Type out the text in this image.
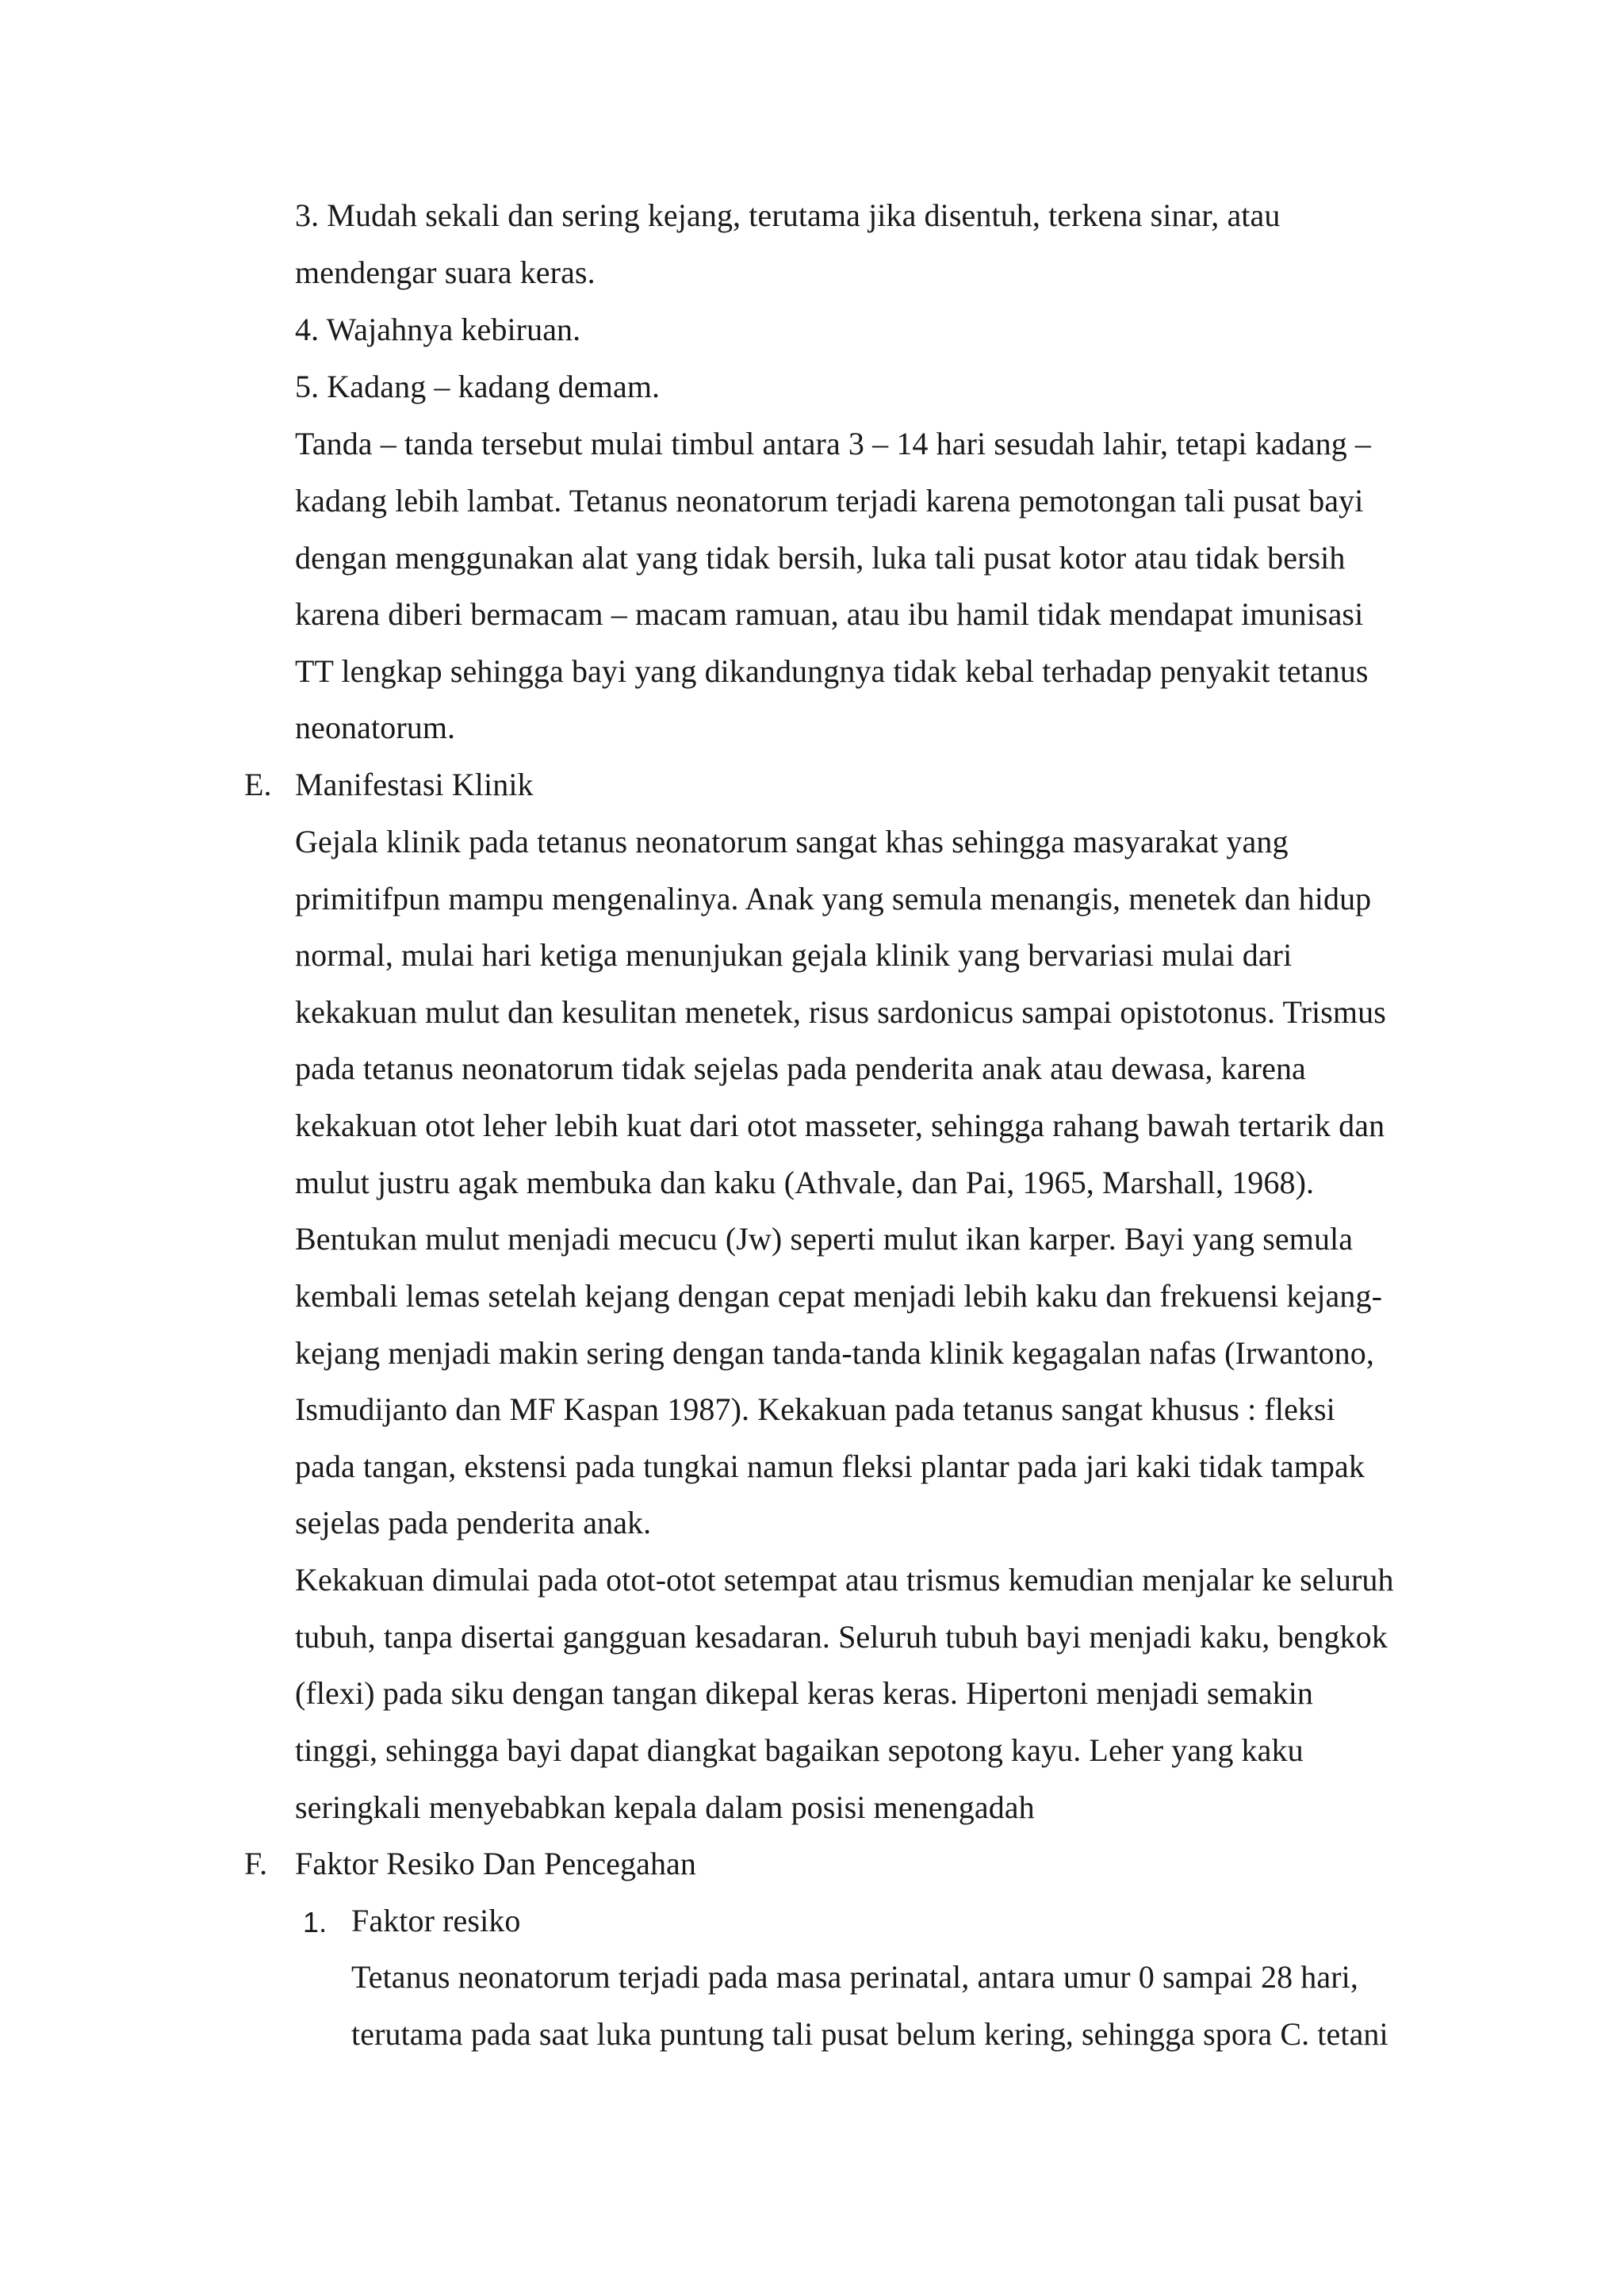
3. Mudah sekali dan sering kejang, terutama jika disentuh, terkena sinar, atau
mendengar suara keras.
4. Wajahnya kebiruan.
5. Kadang – kadang demam.
Tanda – tanda tersebut mulai timbul antara 3 – 14 hari sesudah lahir, tetapi kadang –
kadang lebih lambat. Tetanus neonatorum terjadi karena pemotongan tali pusat bayi
dengan menggunakan alat yang tidak bersih, luka tali pusat kotor atau tidak bersih
karena diberi bermacam – macam ramuan, atau ibu hamil tidak mendapat imunisasi
TT lengkap sehingga bayi yang dikandungnya tidak kebal terhadap penyakit tetanus
neonatorum.
E. Manifestasi Klinik
Gejala klinik pada tetanus neonatorum sangat khas sehingga masyarakat yang
primitifpun mampu mengenalinya. Anak yang semula menangis, menetek dan hidup
normal, mulai hari ketiga menunjukan gejala klinik yang bervariasi mulai dari
kekakuan mulut dan kesulitan menetek, risus sardonicus sampai opistotonus. Trismus
pada tetanus neonatorum tidak sejelas pada penderita anak atau dewasa, karena
kekakuan otot leher lebih kuat dari otot masseter, sehingga rahang bawah tertarik dan
mulut justru agak membuka dan kaku (Athvale, dan Pai, 1965, Marshall, 1968).
Bentukan mulut menjadi mecucu (Jw) seperti mulut ikan karper. Bayi yang semula
kembali lemas setelah kejang dengan cepat menjadi lebih kaku dan frekuensi kejang-
kejang menjadi makin sering dengan tanda-tanda klinik kegagalan nafas (Irwantono,
Ismudijanto dan MF Kaspan 1987). Kekakuan pada tetanus sangat khusus : fleksi
pada tangan, ekstensi pada tungkai namun fleksi plantar pada jari kaki tidak tampak
sejelas pada penderita anak.
Kekakuan dimulai pada otot-otot setempat atau trismus kemudian menjalar ke seluruh
tubuh, tanpa disertai gangguan kesadaran. Seluruh tubuh bayi menjadi kaku, bengkok
(flexi) pada siku dengan tangan dikepal keras keras. Hipertoni menjadi semakin
tinggi, sehingga bayi dapat diangkat bagaikan sepotong kayu. Leher yang kaku
seringkali menyebabkan kepala dalam posisi menengadah
F. Faktor Resiko Dan Pencegahan
1. Faktor resiko
Tetanus neonatorum terjadi pada masa perinatal, antara umur 0 sampai 28 hari,
terutama pada saat luka puntung tali pusat belum kering, sehingga spora C. tetani
